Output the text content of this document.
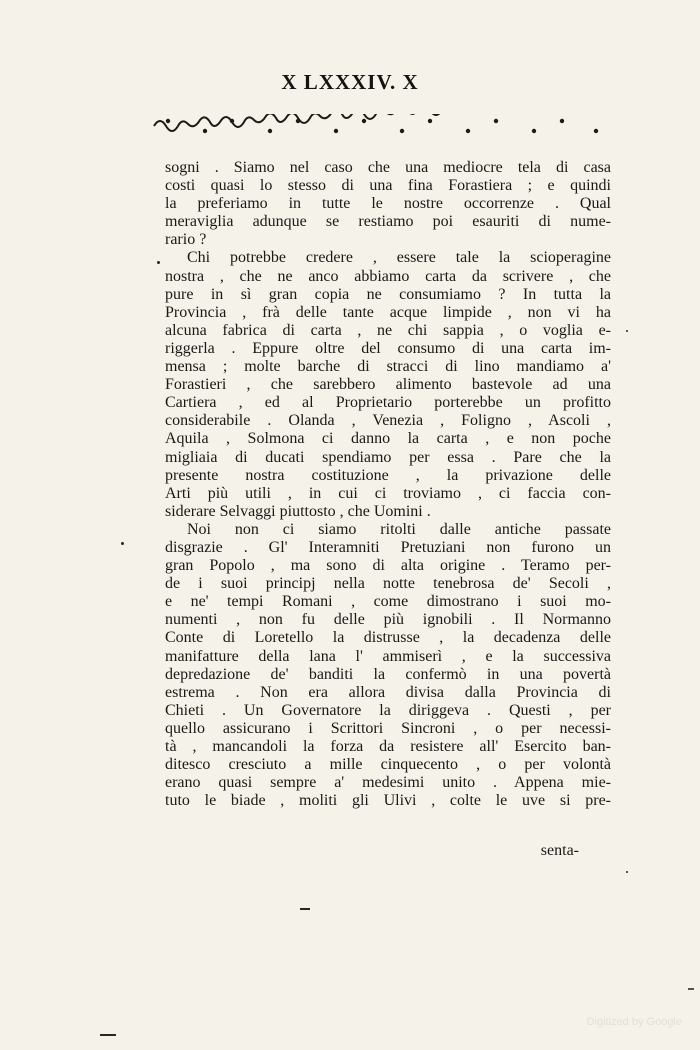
X LXXXIV. X
sogni . Siamo nel caso che una mediocre tela di casa
costi quasi lo stesso di una fina Forastiera ; e quindi
la preferiamo in tutte le nostre occorrenze . Qual
meraviglia adunque se restiamo poi esauriti di nume-
rario ?
Chi potrebbe credere , essere tale la scioperagine
nostra , che ne anco abbiamo carta da scrivere , che
pure in sì gran copia ne consumiamo ? In tutta la
Provincia , frà delle tante acque limpide , non vi ha
alcuna fabrica di carta , ne chi sappia , o voglia e-
riggerla . Eppure oltre del consumo di una carta im-
mensa ; molte barche di stracci di lino mandiamo a'
Forastieri , che sarebbero alimento bastevole ad una
Cartiera , ed al Proprietario porterebbe un profitto
considerabile . Olanda , Venezia , Foligno , Ascoli ,
Aquila , Solmona ci danno la carta , e non poche
migliaia di ducati spendiamo per essa . Pare che la
presente nostra costituzione , la privazione delle
Arti più utili , in cui ci troviamo , ci faccia con-
siderare Selvaggi piuttosto , che Uomini .
Noi non ci siamo ritolti dalle antiche passate
disgrazie . Gl' Interamniti Pretuziani non furono un
gran Popolo , ma sono di alta origine . Teramo per-
de i suoi principj nella notte tenebrosa de' Secoli ,
e ne' tempi Romani , come dimostrano i suoi mo-
numenti , non fu delle più ignobili . Il Normanno
Conte di Loretello la distrusse , la decadenza delle
manifatture della lana l' ammiserì , e la successiva
depredazione de' banditi la confermò in una povertà
estrema . Non era allora divisa dalla Provincia di
Chieti . Un Governatore la diriggeva . Questi , per
quello assicurano i Scrittori Sincroni , o per necessi-
tà , mancandoli la forza da resistere all' Esercito ban-
ditesco cresciuto a mille cinquecento , o per volontà
erano quasi sempre a' medesimi unito . Appena mie-
tuto le biade , moliti gli Ulivi , colte le uve si pre-
senta-
Digitized by Google
